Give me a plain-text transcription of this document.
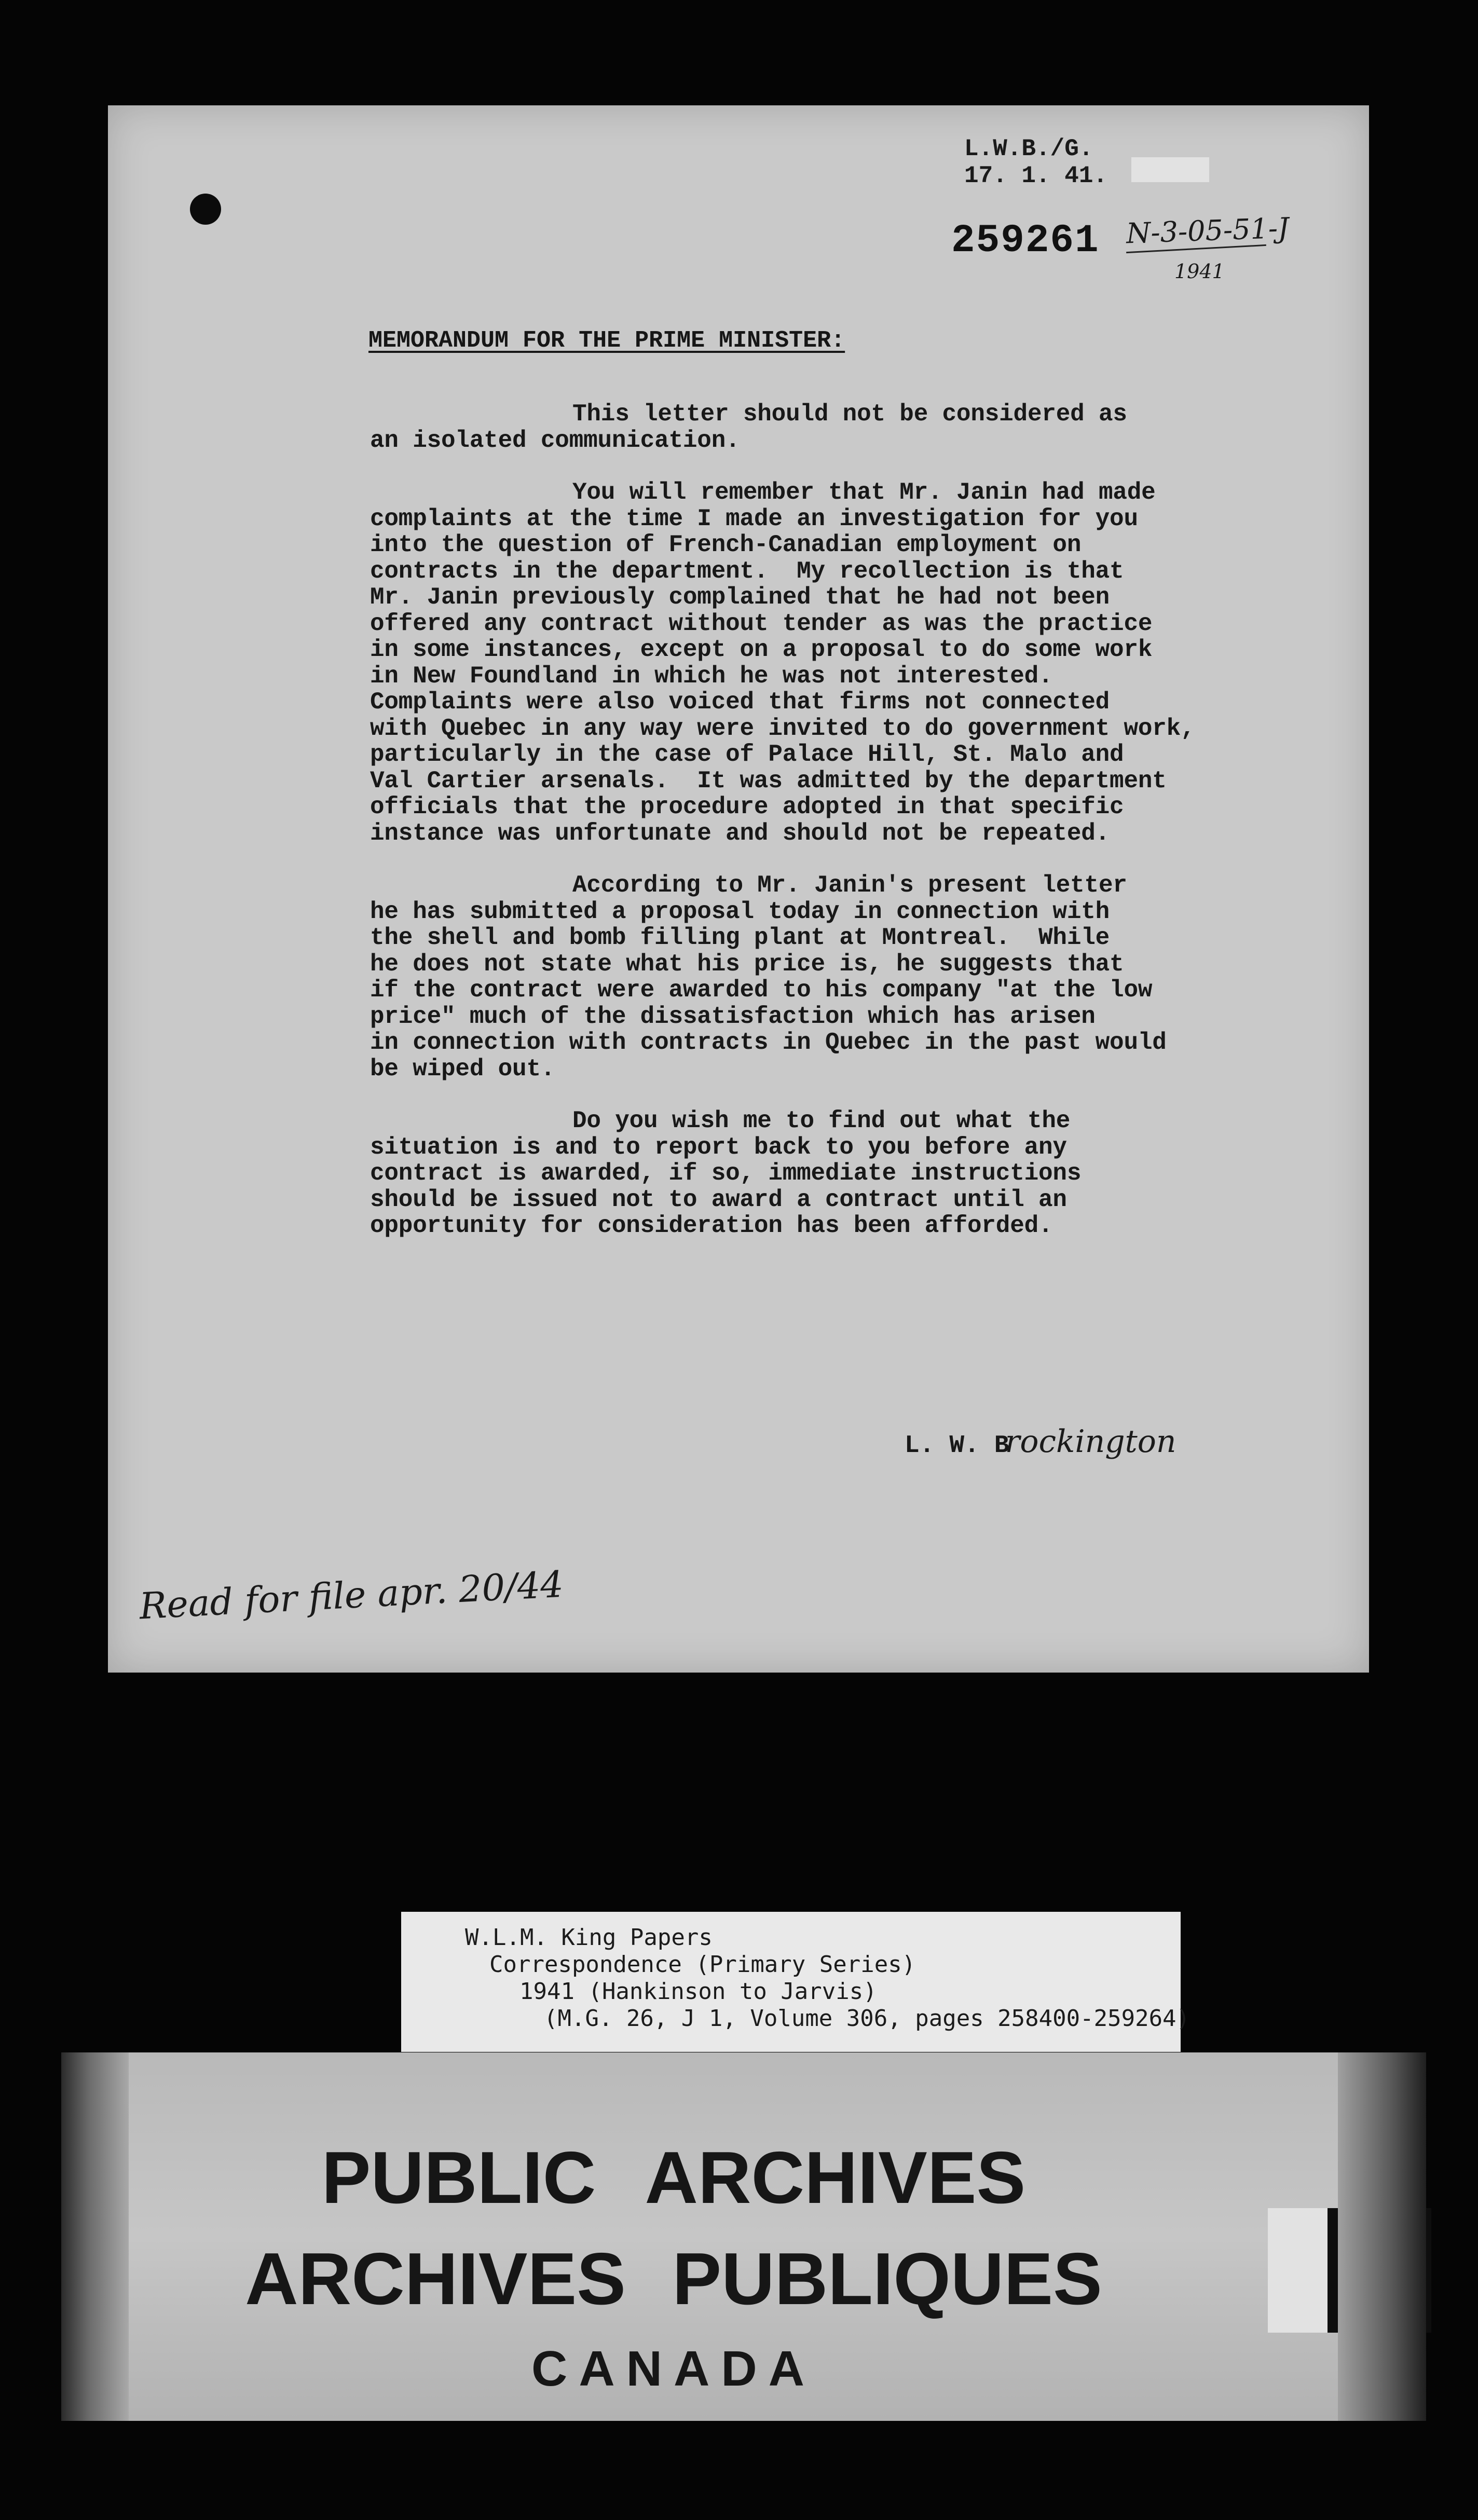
L.W.B./G.
17. 1. 41.
259261 N-3-05-51-J
1941
MEMORANDUM FOR THE PRIME MINISTER:
This letter should not be considered as
an isolated communication.
You will remember that Mr. Janin had made
complaints at the time I made an investigation for you
into the question of French-Canadian employment on
contracts in the department.  My recollection is that
Mr. Janin previously complained that he had not been
offered any contract without tender as was the practice
in some instances, except on a proposal to do some work
in New Foundland in which he was not interested.
Complaints were also voiced that firms not connected
with Quebec in any way were invited to do government work,
particularly in the case of Palace Hill, St. Malo and
Val Cartier arsenals.  It was admitted by the department
officials that the procedure adopted in that specific
instance was unfortunate and should not be repeated.
According to Mr. Janin's present letter
he has submitted a proposal today in connection with
the shell and bomb filling plant at Montreal.  While
he does not state what his price is, he suggests that
if the contract were awarded to his company "at the low
price" much of the dissatisfaction which has arisen
in connection with contracts in Quebec in the past would
be wiped out.
Do you wish me to find out what the
situation is and to report back to you before any
contract is awarded, if so, immediate instructions
should be issued not to award a contract until an
opportunity for consideration has been afforded.
L. W. Brockington
Read for file apr. 20/44
W.L.M. King Papers
Correspondence (Primary Series)
1941 (Hankinson to Jarvis)
(M.G. 26, J 1, Volume 306, pages 258400-259264)
PUBLIC ARCHIVES
ARCHIVES PUBLIQUES
CANADA
